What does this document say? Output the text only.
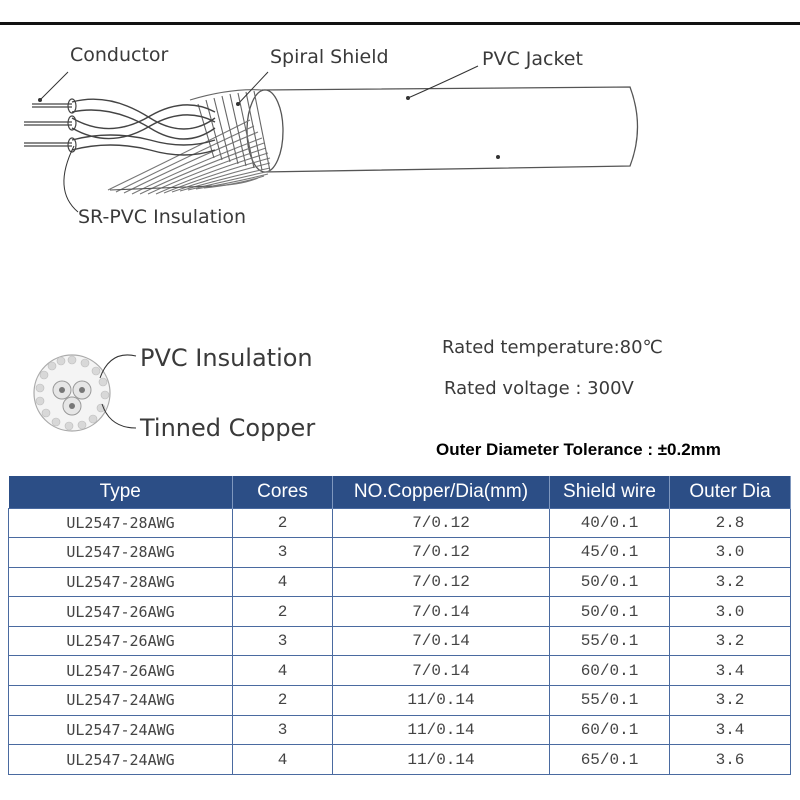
Conductor	Spiral Shield	PVC Jacket
SR-PVC Insulation
PVC Insulation
Tinned Copper
Rated temperature:80℃
Rated voltage : 300V
Outer Diameter Tolerance : ±0.2mm
Type	Cores	NO.Copper/Dia(mm)	Shield wire	Outer Dia
UL2547-28AWG	2	7/0.12	40/0.1	2.8
UL2547-28AWG	3	7/0.12	45/0.1	3.0
UL2547-28AWG	4	7/0.12	50/0.1	3.2
UL2547-26AWG	2	7/0.14	50/0.1	3.0
UL2547-26AWG	3	7/0.14	55/0.1	3.2
UL2547-26AWG	4	7/0.14	60/0.1	3.4
UL2547-24AWG	2	11/0.14	55/0.1	3.2
UL2547-24AWG	3	11/0.14	60/0.1	3.4
UL2547-24AWG	4	11/0.14	65/0.1	3.6
